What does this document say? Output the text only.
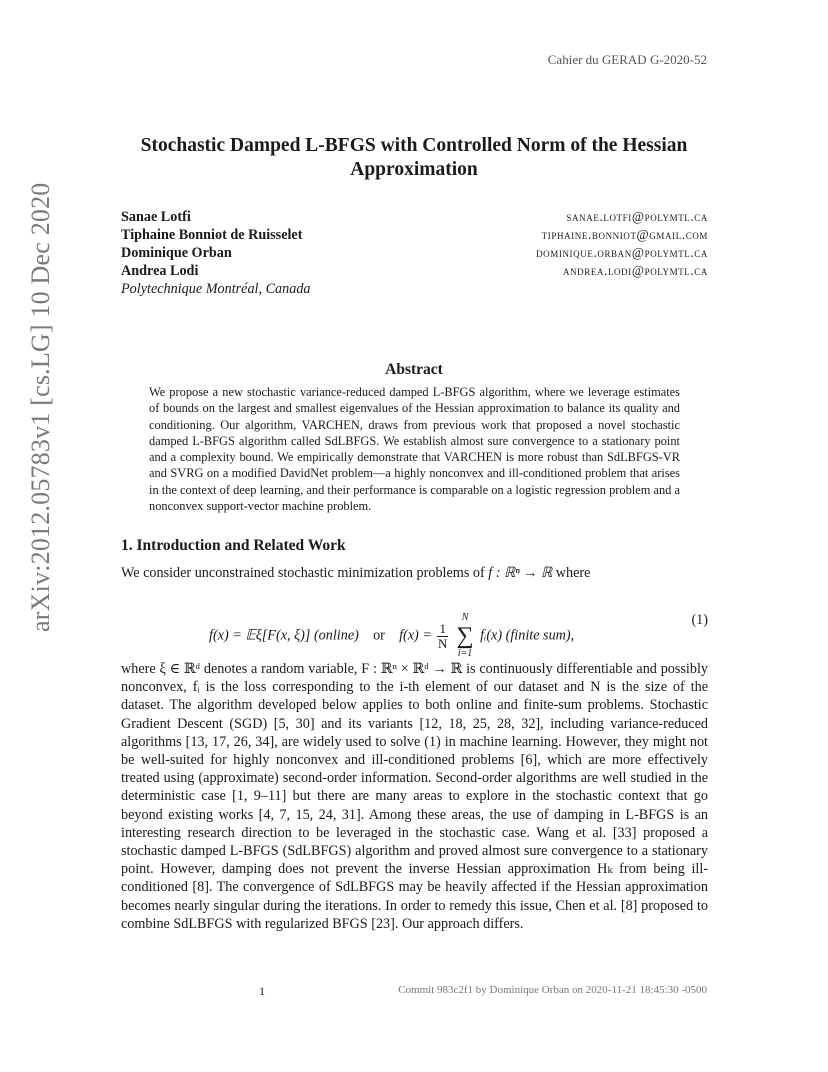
Cahier du GERAD G-2020-52
arXiv:2012.05783v1 [cs.LG] 10 Dec 2020
Stochastic Damped L-BFGS with Controlled Norm of the Hessian Approximation
Sanae Lotfi	sanae.lotfi@polymtl.ca
Tiphaine Bonniot de Ruisselet	tiphaine.bonniot@gmail.com
Dominique Orban	dominique.orban@polymtl.ca
Andrea Lodi	andrea.lodi@polymtl.ca
Polytechnique Montréal, Canada
Abstract
We propose a new stochastic variance-reduced damped L-BFGS algorithm, where we leverage estimates of bounds on the largest and smallest eigenvalues of the Hessian approximation to balance its quality and conditioning. Our algorithm, VARCHEN, draws from previous work that proposed a novel stochastic damped L-BFGS algorithm called SdLBFGS. We establish almost sure convergence to a stationary point and a complexity bound. We empirically demonstrate that VARCHEN is more robust than SdLBFGS-VR and SVRG on a modified DavidNet problem—a highly nonconvex and ill-conditioned problem that arises in the context of deep learning, and their performance is comparable on a logistic regression problem and a nonconvex support-vector machine problem.
1. Introduction and Related Work
We consider unconstrained stochastic minimization problems of f : ℝⁿ → ℝ where
f(x) = 𝔼ξ[F(x, ξ)] (online) or $f(x) = \frac{1}{N}$

N
∑
i=1
fᵢ(x) (finite sum),
(1)

where ξ ∈ ℝᵈ denotes a random variable, F : ℝⁿ × ℝᵈ → ℝ is continuously differentiable and possibly nonconvex, fᵢ is the loss corresponding to the i-th element of our dataset and N is the size of the dataset. The algorithm developed below applies to both online and finite-sum problems. Stochastic Gradient Descent (SGD) [5, 30] and its variants [12, 18, 25, 28, 32], including variance-reduced algorithms [13, 17, 26, 34], are widely used to solve (1) in machine learning. However, they might not be well-suited for highly nonconvex and ill-conditioned problems [6], which are more effectively treated using (approximate) second-order information. Second-order algorithms are well studied in the deterministic case [1, 9–11] but there are many areas to explore in the stochastic context that go beyond existing works [4, 7, 15, 24, 31]. Among these areas, the use of damping in L-BFGS is an interesting research direction to be leveraged in the stochastic case. Wang et al. [33] proposed a stochastic damped L-BFGS (SdLBFGS) algorithm and proved almost sure convergence to a stationary point. However, damping does not prevent the inverse Hessian approximation Hₖ from being ill-conditioned [8]. The convergence of SdLBFGS may be heavily affected if the Hessian approximation becomes nearly singular during the iterations. In order to remedy this issue, Chen et al. [8] proposed to combine SdLBFGS with regularized BFGS [23]. Our approach differs.

1	Commit 983c2f1 by Dominique Orban on 2020-11-21 18:45:30 -0500
